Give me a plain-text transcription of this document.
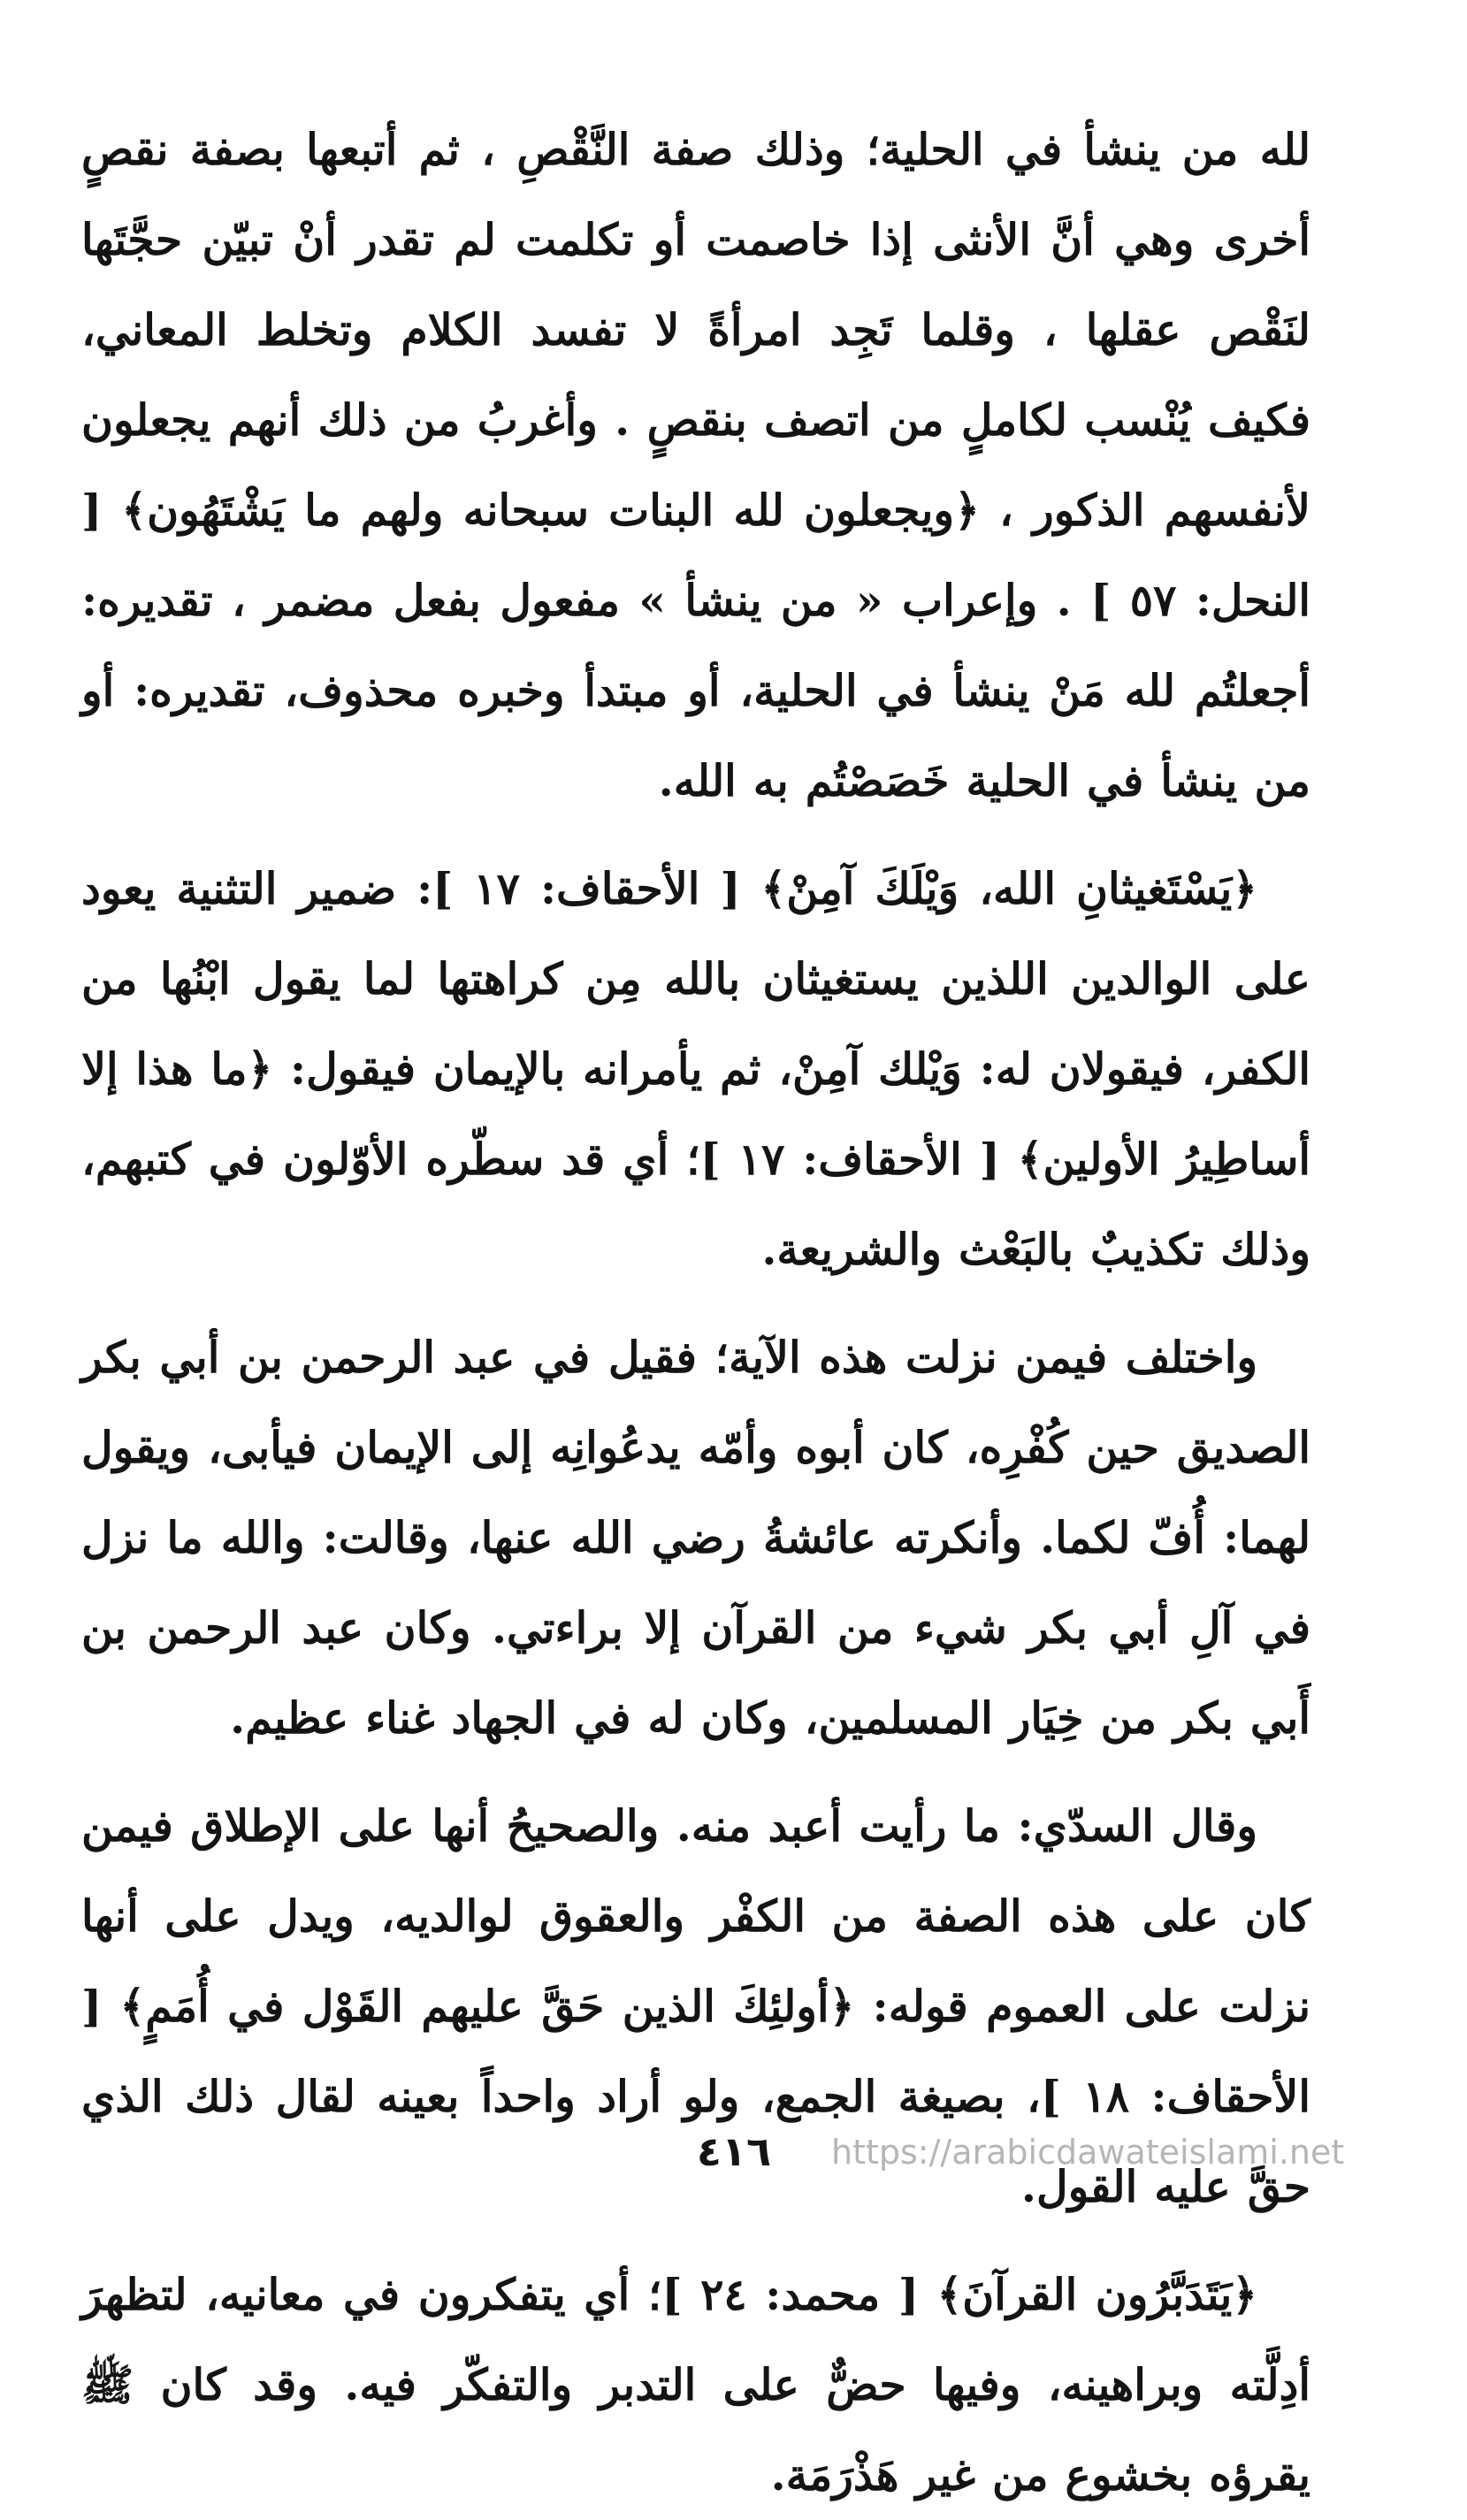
لله من ينشأ في الحلية؛ وذلك صفة النَّقْصِ ، ثم أتبعها بصفة نقصٍ أخرى وهي أنَّ الأنثى إذا خاصمت أو تكلمت لم تقدر أنْ تبيّن حجَّتَها لنَقْص عقلها ، وقلما تَجِد امرأةً لا تفسد الكلام وتخلط المعاني، فكيف يُنْسب لكاملٍ من اتصف بنقصٍ . وأغربُ من ذلك أنهم يجعلون لأنفسهم الذكور ، ﴿ويجعلون لله البنات سبحانه ولهم ما يَشْتَهُون﴾ [ النحل: ٥٧ ] . وإعراب « من ينشأ » مفعول بفعل مضمر ، تقديره: أجعلتُم لله مَنْ ينشأ في الحلية، أو مبتدأ وخبره محذوف، تقديره: أو من ينشأ في الحلية خَصَصْتُم به الله.

﴿يَسْتَغيثانِ الله، وَيْلَكَ آمِنْ﴾ [ الأحقاف: ١٧ ]: ضمير التثنية يعود على الوالدين اللذين يستغيثان بالله مِن كراهتها لما يقول ابْنُها من الكفر، فيقولان له: وَيْلك آمِنْ، ثم يأمرانه بالإيمان فيقول: ﴿ما هذا إلا أساطِيرُ الأولين﴾ [ الأحقاف: ١٧ ]؛ أي قد سطّره الأوّلون في كتبهم، وذلك تكذيبٌ بالبَعْث والشريعة.

واختلف فيمن نزلت هذه الآية؛ فقيل في عبد الرحمن بن أبي بكر الصديق حين كُفْرِه، كان أبوه وأمّه يدعُوانِه إلى الإيمان فيأبى، ويقول لهما: أُفّ لكما. وأنكرته عائشةُ رضي الله عنها، وقالت: والله ما نزل في آلِ أبي بكر شيء من القرآن إلا براءتي. وكان عبد الرحمن بن أَبي بكر من خِيَار المسلمين، وكان له في الجهاد غناء عظيم.

وقال السدّي: ما رأيت أعبد منه. والصحيحُ أنها على الإطلاق فيمن كان على هذه الصفة من الكفْر والعقوق لوالديه، ويدل على أنها نزلت على العموم قوله: ﴿أولئِكَ الذين حَقَّ عليهم القَوْل في أُمَمٍ﴾ [ الأحقاف: ١٨ ]، بصيغة الجمع، ولو أراد واحداً بعينه لقال ذلك الذي حقَّ عليه القول.

﴿يَتَدَبَّرُون القرآنَ﴾ [ محمد: ٢٤ ]؛ أي يتفكرون في معانيه، لتظهرَ أدِلَّته وبراهينه، وفيها حضٌّ على التدبر والتفكّر فيه. وقد كان ﷺ يقرؤه بخشوع من غير هَذْرَمَة.

٤١٦	https://arabicdawateislami.net
